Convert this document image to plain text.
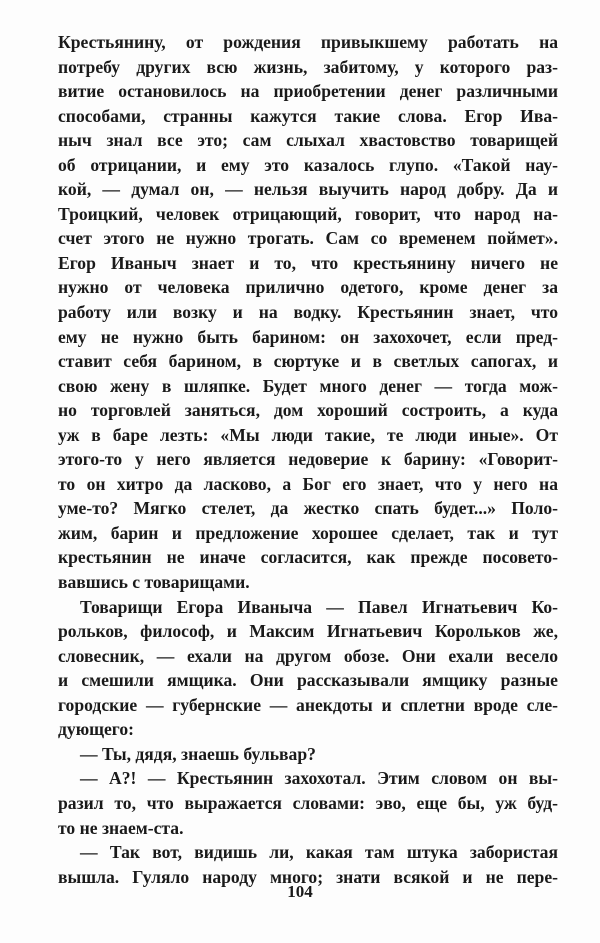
Крестьянину, от рождения привыкшему работать на
потребу других всю жизнь, забитому, у которого раз-
витие остановилось на приобретении денег различными
способами, странны кажутся такие слова. Егор Ива-
ныч знал все это; сам слыхал хвастовство товарищей
об отрицании, и ему это казалось глупо. «Такой нау-
кой, — думал он, — нельзя выучить народ добру. Да и
Троицкий, человек отрицающий, говорит, что народ на-
счет этого не нужно трогать. Сам со временем поймет».
Егор Иваныч знает и то, что крестьянину ничего не
нужно от человека прилично одетого, кроме денег за
работу или возку и на водку. Крестьянин знает, что
ему не нужно быть барином: он захохочет, если пред-
ставит себя барином, в сюртуке и в светлых сапогах, и
свою жену в шляпке. Будет много денег — тогда мож-
но торговлей заняться, дом хороший состроить, а куда
уж в баре лезть: «Мы люди такие, те люди иные». От
этого-то у него является недоверие к барину: «Говорит-
то он хитро да ласково, а Бог его знает, что у него на
уме-то? Мягко стелет, да жестко спать будет...» Поло-
жим, барин и предложение хорошее сделает, так и тут
крестьянин не иначе согласится, как прежде посовето-
вавшись с товарищами.
Товарищи Егора Иваныча — Павел Игнатьевич Ко-
рольков, философ, и Максим Игнатьевич Корольков же,
словесник, — ехали на другом обозе. Они ехали весело
и смешили ямщика. Они рассказывали ямщику разные
городские — губернские — анекдоты и сплетни вроде сле-
дующего:
— Ты, дядя, знаешь бульвар?
— А?! — Крестьянин захохотал. Этим словом он вы-
разил то, что выражается словами: эво, еще бы, уж буд-
то не знаем-ста.
— Так вот, видишь ли, какая там штука забористая
вышла. Гуляло народу много; знати всякой и не пере-
104
